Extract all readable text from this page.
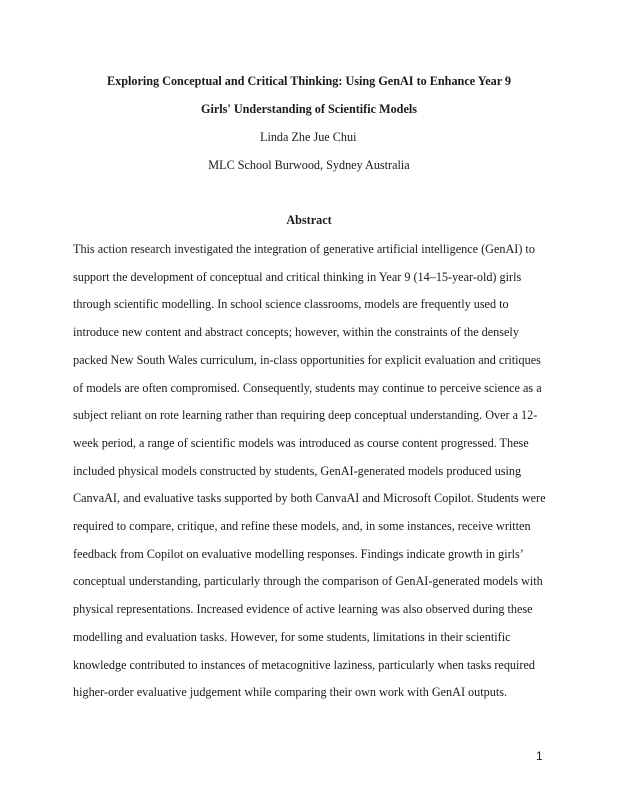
Exploring Conceptual and Critical Thinking: Using GenAI to Enhance Year 9
Girls' Understanding of Scientific Models
Linda Zhe Jue Chui
MLC School Burwood, Sydney Australia
Abstract

This action research investigated the integration of generative artificial intelligence (GenAI) to
support the development of conceptual and critical thinking in Year 9 (14–15-year-old) girls
through scientific modelling. In school science classrooms, models are frequently used to
introduce new content and abstract concepts; however, within the constraints of the densely
packed New South Wales curriculum, in-class opportunities for explicit evaluation and critiques
of models are often compromised. Consequently, students may continue to perceive science as a
subject reliant on rote learning rather than requiring deep conceptual understanding. Over a 12-
week period, a range of scientific models was introduced as course content progressed. These
included physical models constructed by students, GenAI-generated models produced using
CanvaAI, and evaluative tasks supported by both CanvaAI and Microsoft Copilot. Students were
required to compare, critique, and refine these models, and, in some instances, receive written
feedback from Copilot on evaluative modelling responses. Findings indicate growth in girls’
conceptual understanding, particularly through the comparison of GenAI-generated models with
physical representations. Increased evidence of active learning was also observed during these
modelling and evaluation tasks. However, for some students, limitations in their scientific
knowledge contributed to instances of metacognitive laziness, particularly when tasks required
higher-order evaluative judgement while comparing their own work with GenAI outputs.

1
